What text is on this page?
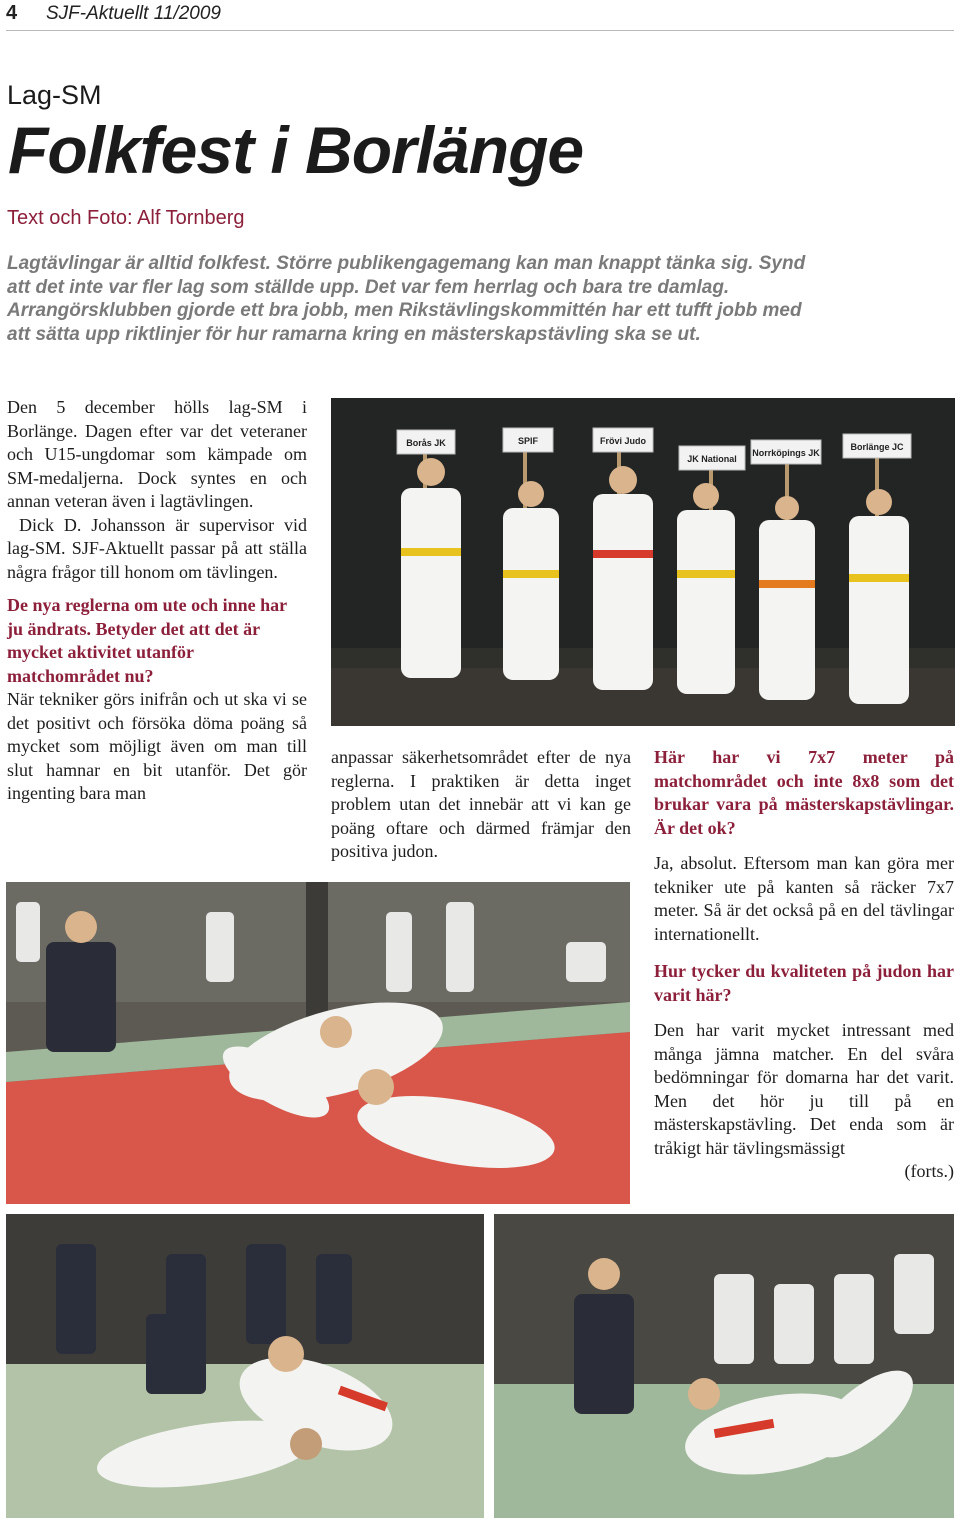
4 SJF-Aktuellt 11/2009
Lag-SM
Folkfest i Borlänge
Text och Foto: Alf Tornberg
Lagtävlingar är alltid folkfest. Större publikengagemang kan man knappt tänka sig. Synd att det inte var fler lag som ställde upp. Det var fem herrlag och bara tre damlag. Arrangörsklubben gjorde ett bra jobb, men Rikstävlingskommittén har ett tufft jobb med att sätta upp riktlinjer för hur ramarna kring en mästerskapstävling ska se ut.

Den 5 december hölls lag-SM i Borlänge. Dagen efter var det veteraner och U15-ungdomar som kämpade om SM-medaljerna. Dock syntes en och annan veteran även i lagtävlingen.

Dick D. Johansson är supervisor vid lag-SM. SJF-Aktuellt passar på att ställa några frågor till honom om tävlingen.

De nya reglerna om ute och inne har ju ändrats. Betyder det att det är mycket aktivitet utanför matchområdet nu?

När tekniker görs inifrån och ut ska vi se det positivt och försöka döma poäng så mycket som möjligt även om man till slut hamnar en bit utanför. Det gör ingenting bara man

anpassar säkerhetsområdet efter de nya reglerna. I praktiken är detta inget problem utan det innebär att vi kan ge poäng oftare och därmed främjar den positiva judon.

Här har vi 7x7 meter på matchområdet och inte 8x8 som det brukar vara på mästerskapstävlingar. Är det ok?

Ja, absolut. Eftersom man kan göra mer tekniker ute på kanten så räcker 7x7 meter. Så är det också på en del tävlingar internationellt.

Hur tycker du kvaliteten på judon har varit här?

Den har varit mycket intressant med många jämna matcher. En del svåra bedömningar för domarna har det varit. Men det hör ju till på en mästerskapstävling. Det enda som är tråkigt här tävlingsmässigt

(forts.)

Borås JK	SPIF	Frövi Judo
JK National
Norrköpings JK
Borlänge JC
